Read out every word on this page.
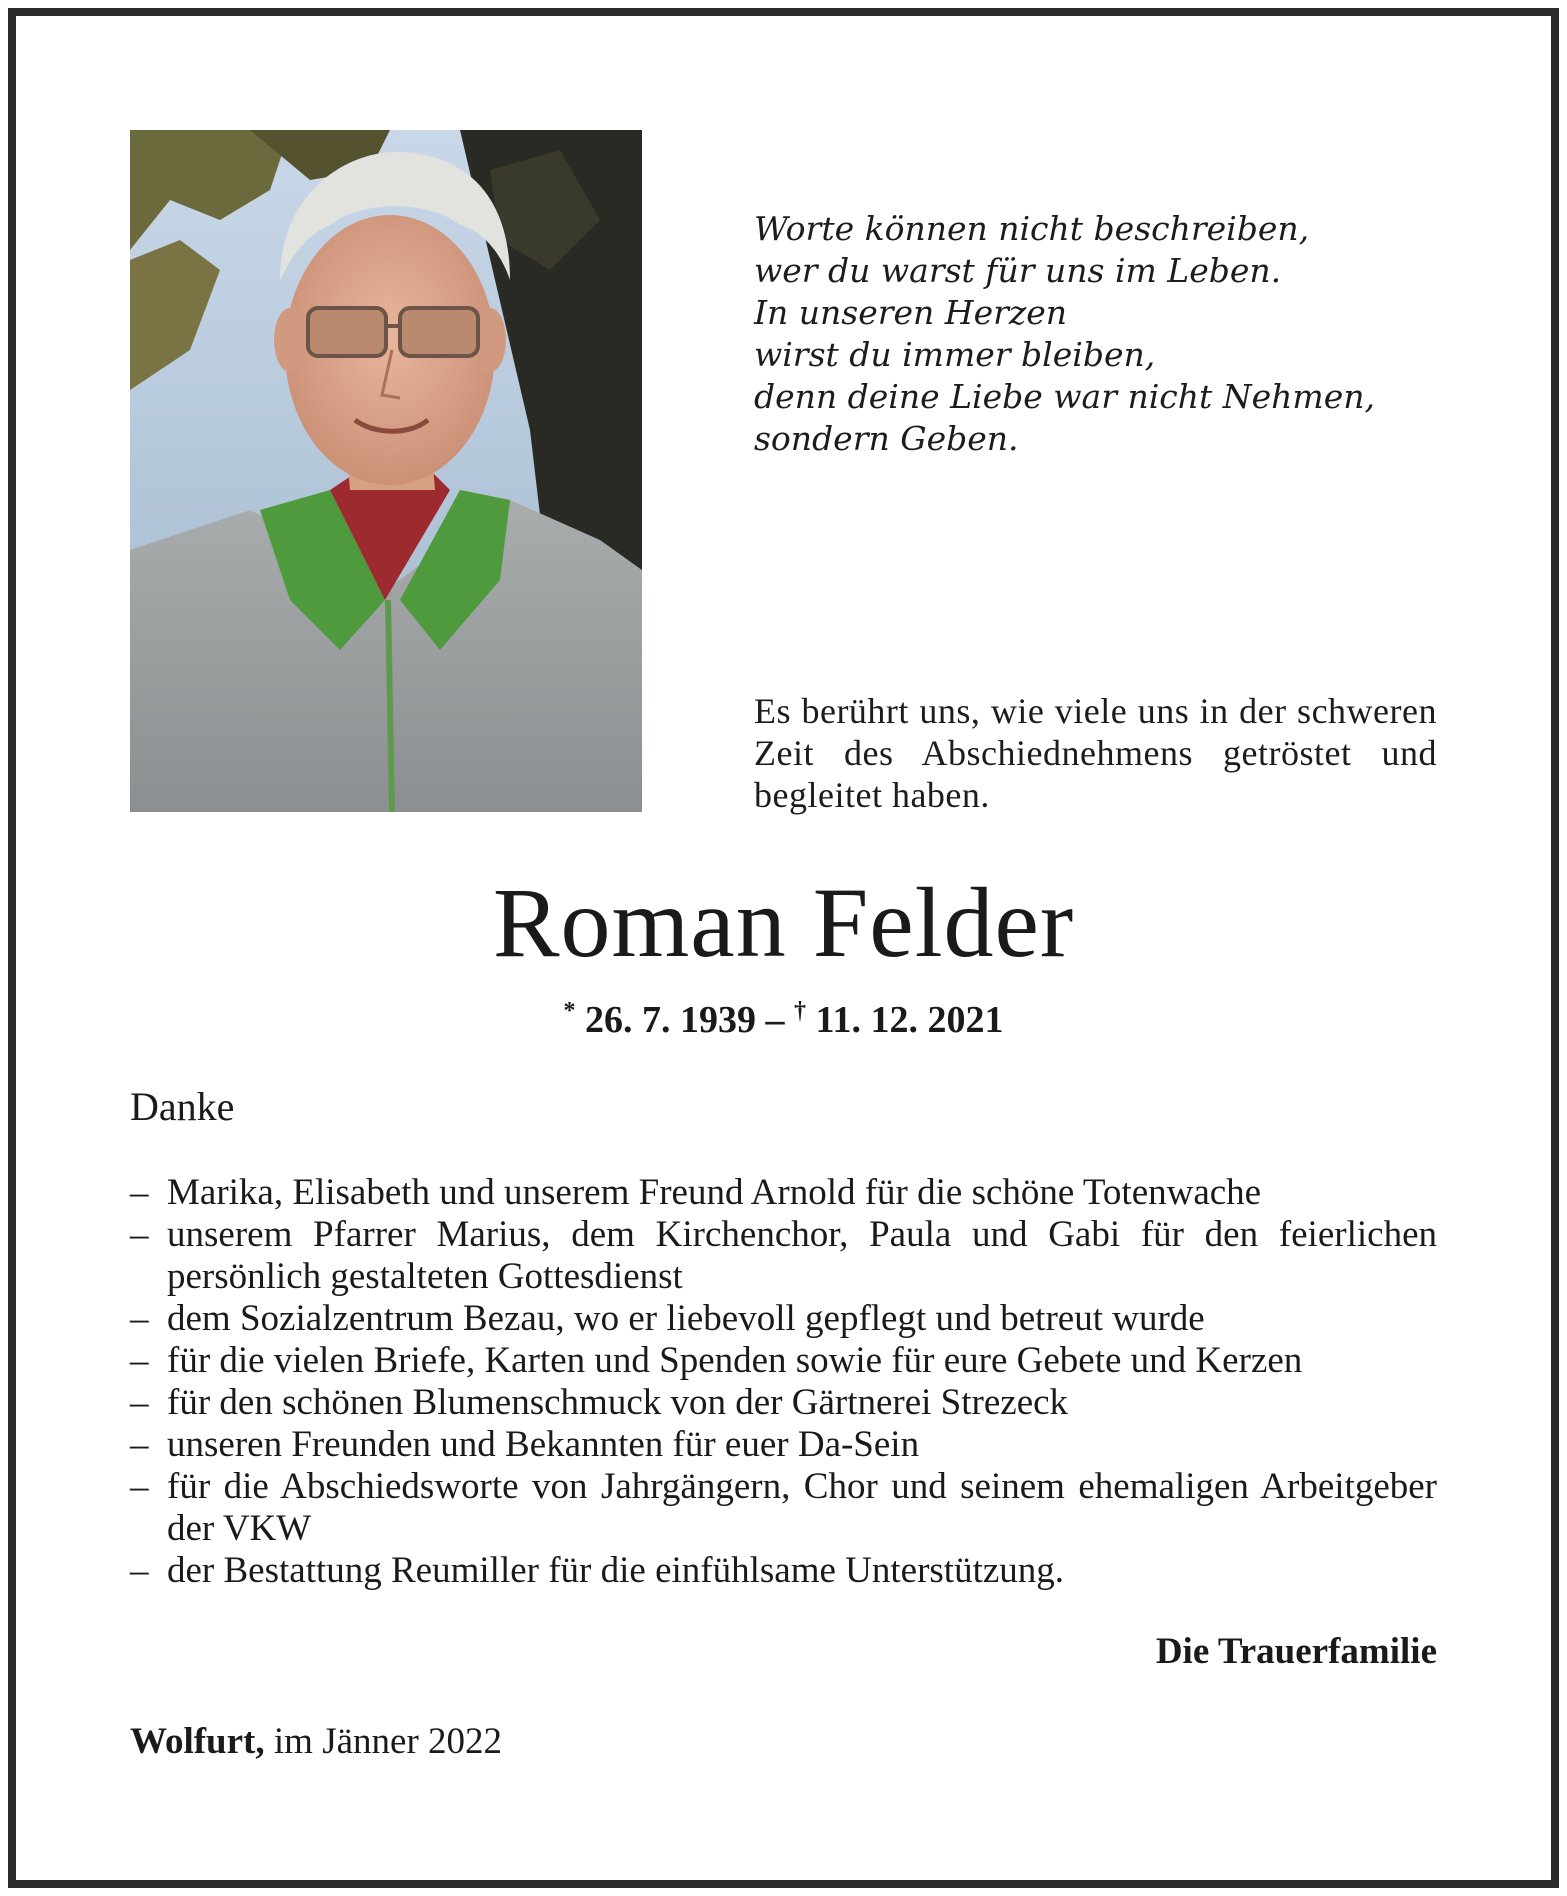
Worte können nicht beschreiben,
wer du warst für uns im Leben.
In unseren Herzen
wirst du immer bleiben,
denn deine Liebe war nicht Nehmen,
sondern Geben.
Es berührt uns, wie viele uns in der schweren Zeit des Abschiednehmens getröstet und begleitet haben.
Roman Felder
* 26. 7. 1939 – † 11. 12. 2021
Danke
– Marika, Elisabeth und unserem Freund Arnold für die schöne Totenwache
– unserem Pfarrer Marius, dem Kirchenchor, Paula und Gabi für den feierlichen persönlich gestalteten Gottesdienst
– dem Sozialzentrum Bezau, wo er liebevoll gepflegt und betreut wurde
– für die vielen Briefe, Karten und Spenden sowie für eure Gebete und Kerzen
– für den schönen Blumenschmuck von der Gärtnerei Strezeck
– unseren Freunden und Bekannten für euer Da-Sein
– für die Abschiedsworte von Jahrgängern, Chor und seinem ehemaligen Arbeitgeber der VKW
– der Bestattung Reumiller für die einfühlsame Unterstützung.
Die Trauerfamilie
Wolfurt, im Jänner 2022
